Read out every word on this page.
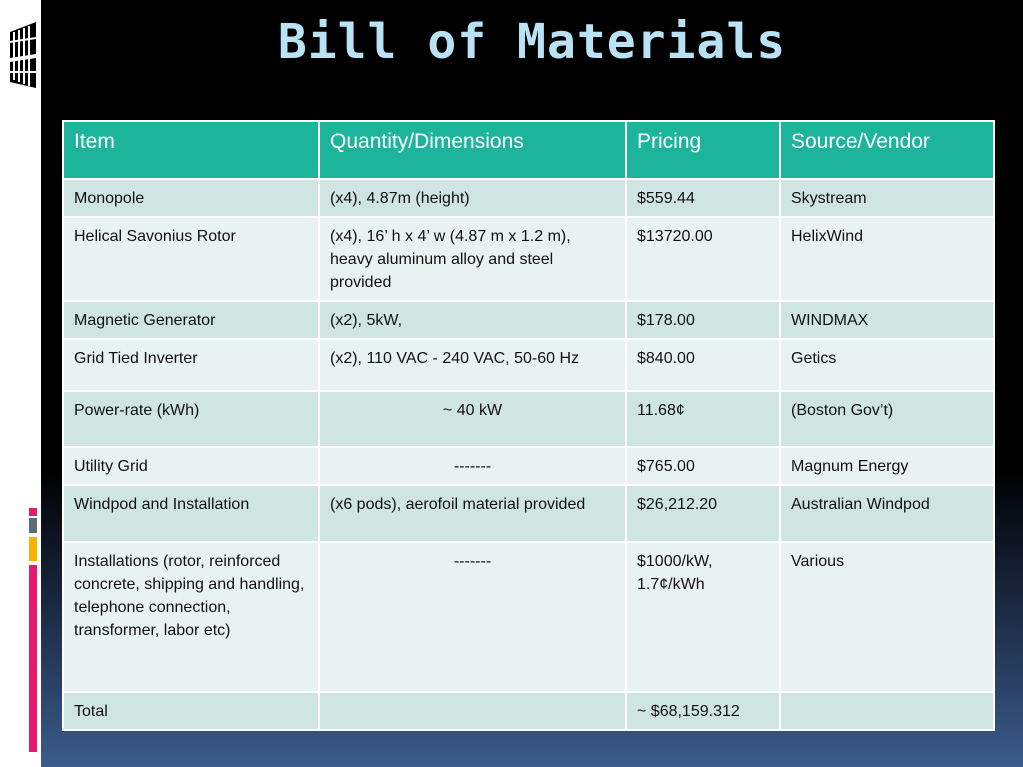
Bill of Materials
Item	Quantity/Dimensions	Pricing	Source/Vendor
Monopole	(x4), 4.87m (height)	$559.44	Skystream
Helical Savonius Rotor	(x4), 16’ h x 4’ w (4.87 m x 1.2 m), heavy aluminum alloy and steel provided	$13720.00	HelixWind
Magnetic Generator	(x2), 5kW,	$178.00	WINDMAX
Grid Tied Inverter	(x2), 110 VAC - 240 VAC, 50-60 Hz	$840.00	Getics
Power-rate (kWh)	~ 40 kW	11.68¢	(Boston Gov’t)
Utility Grid	-------	$765.00	Magnum Energy
Windpod and Installation	(x6 pods), aerofoil material provided	$26,212.20	Australian Windpod
Installations (rotor, reinforced concrete, shipping and handling, telephone connection, transformer, labor etc)	-------	$1000/kW, 1.7¢/kWh	Various
Total		~ $68,159.312	
